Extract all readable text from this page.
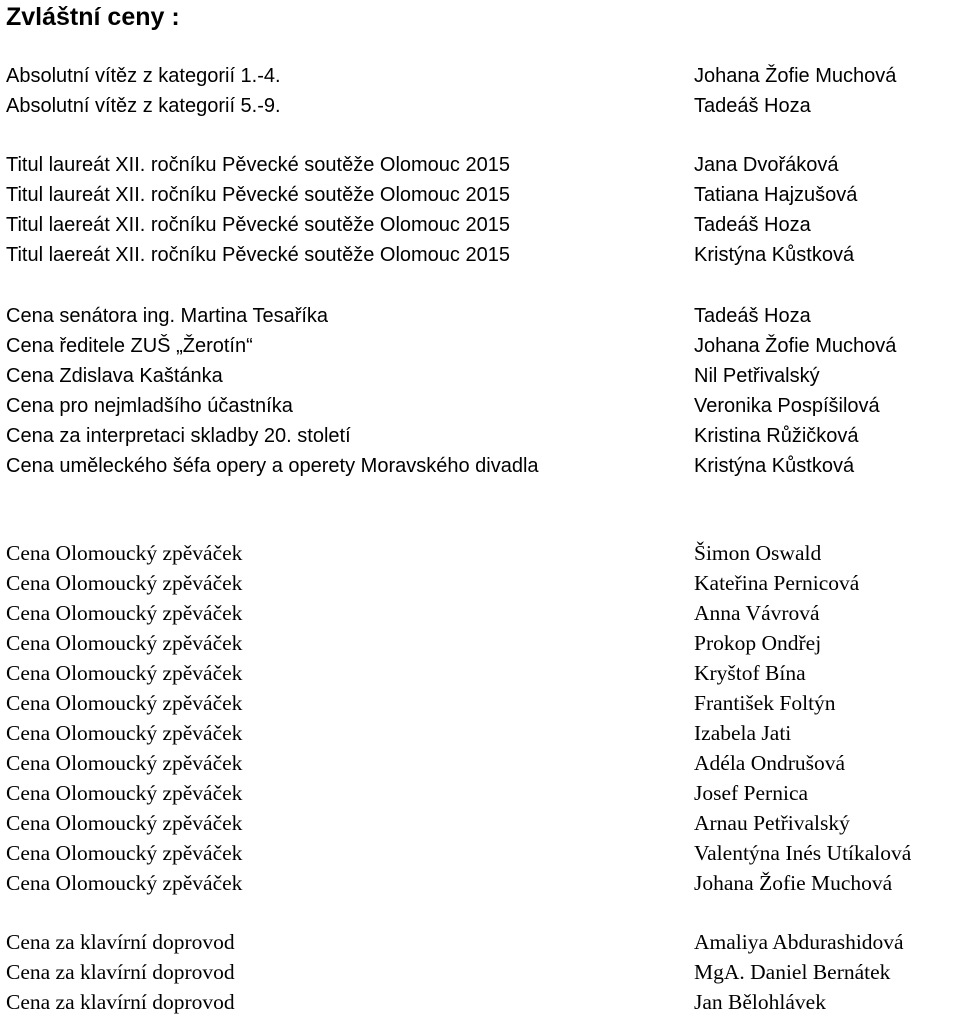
Zvláštní ceny :
Absolutní vítěz z kategorií 1.-4.	Johana Žofie Muchová
Absolutní vítěz z kategorií 5.-9.	Tadeáš Hoza
Titul laureát XII. ročníku Pěvecké soutěže Olomouc 2015	Jana Dvořáková
Titul laureát XII. ročníku Pěvecké soutěže Olomouc 2015	Tatiana Hajzušová
Titul laereát XII. ročníku Pěvecké soutěže Olomouc 2015	Tadeáš Hoza
Titul laereát XII. ročníku Pěvecké soutěže Olomouc 2015	Kristýna Kůstková
Cena senátora ing. Martina Tesaříka	Tadeáš Hoza
Cena ředitele ZUŠ „Žerotín“	Johana Žofie Muchová
Cena Zdislava Kaštánka	Nil Petřivalský
Cena pro nejmladšího účastníka	Veronika Pospíšilová
Cena za interpretaci skladby 20. století	Kristina Růžičková
Cena uměleckého šéfa opery a operety Moravského divadla	Kristýna Kůstková
Cena Olomoucký zpěváček	Šimon Oswald
Cena Olomoucký zpěváček	Kateřina Pernicová
Cena Olomoucký zpěváček	Anna Vávrová
Cena Olomoucký zpěváček	Prokop Ondřej
Cena Olomoucký zpěváček	Kryštof Bína
Cena Olomoucký zpěváček	František Foltýn
Cena Olomoucký zpěváček	Izabela Jati
Cena Olomoucký zpěváček	Adéla Ondrušová
Cena Olomoucký zpěváček	Josef Pernica
Cena Olomoucký zpěváček	Arnau Petřivalský
Cena Olomoucký zpěváček	Valentýna Inés Utíkalová
Cena Olomoucký zpěváček	Johana Žofie Muchová
Cena za klavírní doprovod	Amaliya Abdurashidová
Cena za klavírní doprovod	MgA. Daniel Bernátek
Cena za klavírní doprovod	Jan Bělohlávek
